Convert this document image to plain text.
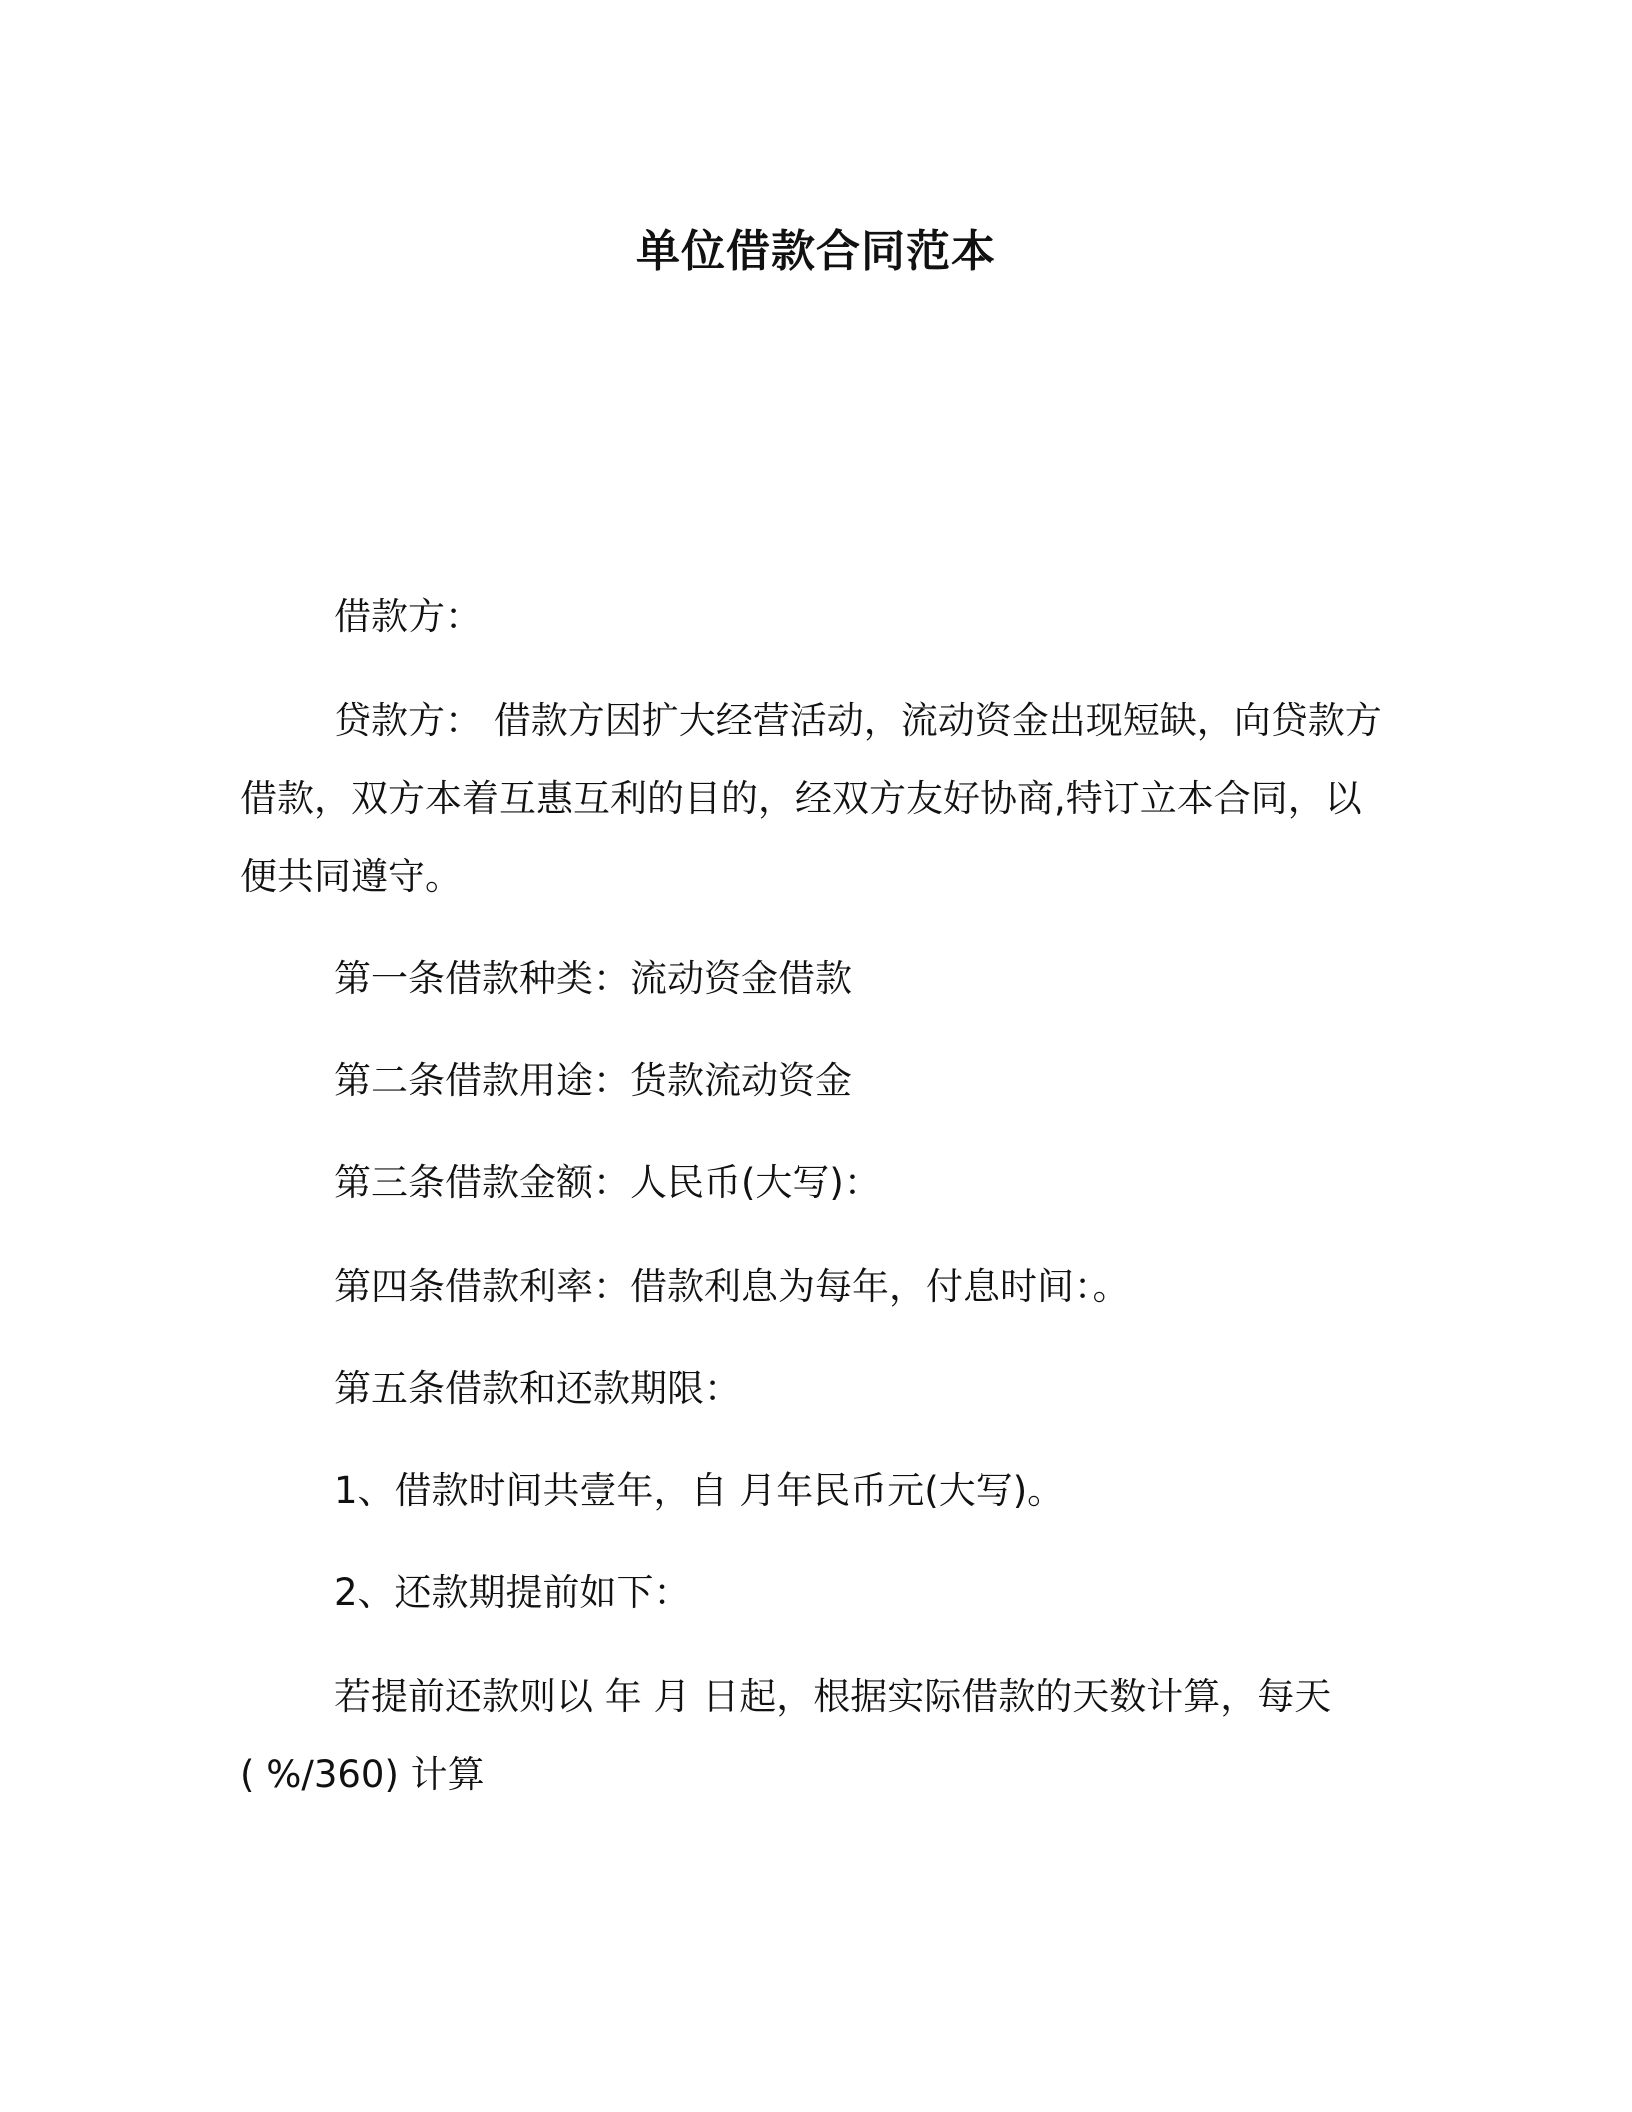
单位借款合同范本
借款方：
贷款方： 借款方因扩大经营活动，流动资金出现短缺，向贷款方
借款，双方本着互惠互利的目的，经双方友好协商,特订立本合同，以
便共同遵守。
第一条借款种类：流动资金借款
第二条借款用途：货款流动资金
第三条借款金额：人民币(大写)：
第四条借款利率：借款利息为每年，付息时间：。
第五条借款和还款期限：
1、借款时间共壹年，自 月年民币元(大写)。
2、还款期提前如下：
若提前还款则以 年 月 日起，根据实际借款的天数计算，每天
( %/360) 计算
